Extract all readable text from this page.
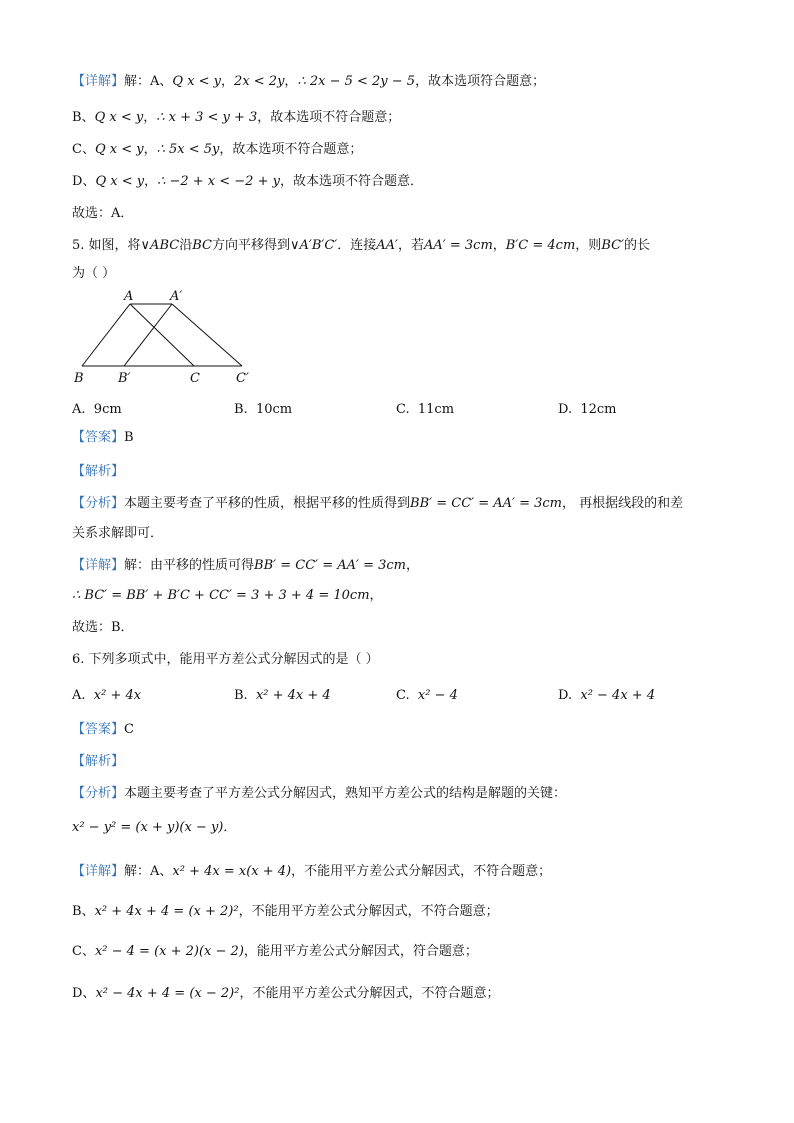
【详解】解：A、Q x < y，2x < 2y，∴ 2x − 5 < 2y − 5，故本选项符合题意；
B、Q x < y，∴ x + 3 < y + 3，故本选项不符合题意；
C、Q x < y，∴ 5x < 5y，故本选项不符合题意；
D、Q x < y，∴ −2 + x < −2 + y，故本选项不符合题意．
故选：A．
5. 如图，将∨ABC沿BC方向平移得到∨A′B′C′．连接AA′，若AA′ = 3cm，B′C = 4cm，则BC′的长
为（ ）
A	A′
B	B′	C	C′
A. 9cm	B. 10cm	C. 11cm	D. 12cm
【答案】B
【解析】
【分析】本题主要考查了平移的性质，根据平移的性质得到BB′ = CC′ = AA′ = 3cm， 再根据线段的和差
关系求解即可．
【详解】解：由平移的性质可得BB′ = CC′ = AA′ = 3cm，
∴ BC′ = BB′ + B′C + CC′ = 3 + 3 + 4 = 10cm，
故选：B．
6. 下列多项式中，能用平方差公式分解因式的是（ ）
A. x² + 4x	B. x² + 4x + 4	C. x² − 4	D. x² − 4x + 4
【答案】C
【解析】
【分析】本题主要考查了平方差公式分解因式，熟知平方差公式的结构是解题的关键：
x² − y² = (x + y)(x − y)．
【详解】解：A、x² + 4x = x(x + 4)，不能用平方差公式分解因式，不符合题意；
B、x² + 4x + 4 = (x + 2)²，不能用平方差公式分解因式，不符合题意；
C、x² − 4 = (x + 2)(x − 2)，能用平方差公式分解因式，符合题意；
D、x² − 4x + 4 = (x − 2)²，不能用平方差公式分解因式，不符合题意；
